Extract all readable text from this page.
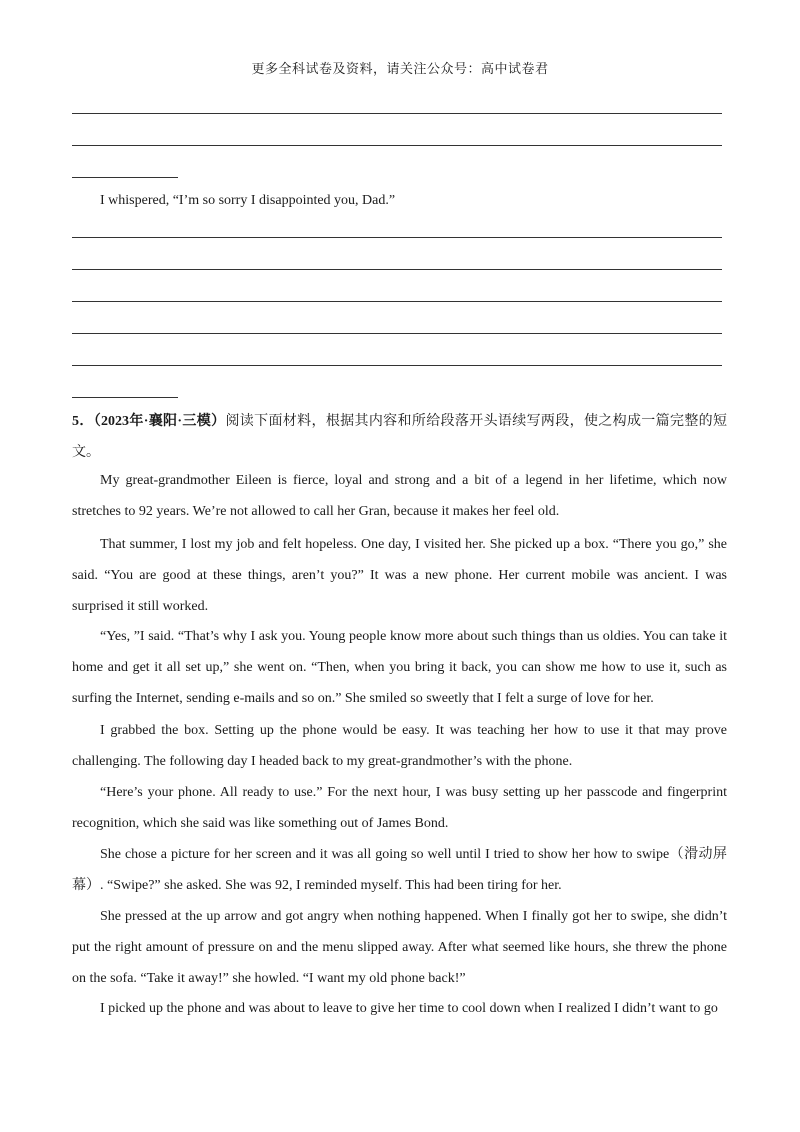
更多全科试卷及资料，请关注公众号：高中试卷君

I whispered, “I’m so sorry I disappointed you, Dad.”

5．（2023年·襄阳·三模）阅读下面材料，根据其内容和所给段落开头语续写两段，使之构成一篇完整的短文。

My great-grandmother Eileen is fierce, loyal and strong and a bit of a legend in her lifetime, which now stretches to 92 years. We’re not allowed to call her Gran, because it makes her feel old.

That summer, I lost my job and felt hopeless. One day, I visited her. She picked up a box. “There you go,” she said. “You are good at these things, aren’t you?” It was a new phone. Her current mobile was ancient. I was surprised it still worked.

“Yes, ”I said. “That’s why I ask you. Young people know more about such things than us oldies. You can take it home and get it all set up,” she went on. “Then, when you bring it back, you can show me how to use it, such as surfing the Internet, sending e-mails and so on.” She smiled so sweetly that I felt a surge of love for her.

I grabbed the box. Setting up the phone would be easy. It was teaching her how to use it that may prove challenging. The following day I headed back to my great-grandmother’s with the phone.

“Here’s your phone. All ready to use.” For the next hour, I was busy setting up her passcode and fingerprint recognition, which she said was like something out of James Bond.

She chose a picture for her screen and it was all going so well until I tried to show her how to swipe（滑动屏幕）. “Swipe?” she asked. She was 92, I reminded myself. This had been tiring for her.

She pressed at the up arrow and got angry when nothing happened. When I finally got her to swipe, she didn’t put the right amount of pressure on and the menu slipped away. After what seemed like hours, she threw the phone on the sofa. “Take it away!” she howled. “I want my old phone back!”

I picked up the phone and was about to leave to give her time to cool down when I realized I didn’t want to go
